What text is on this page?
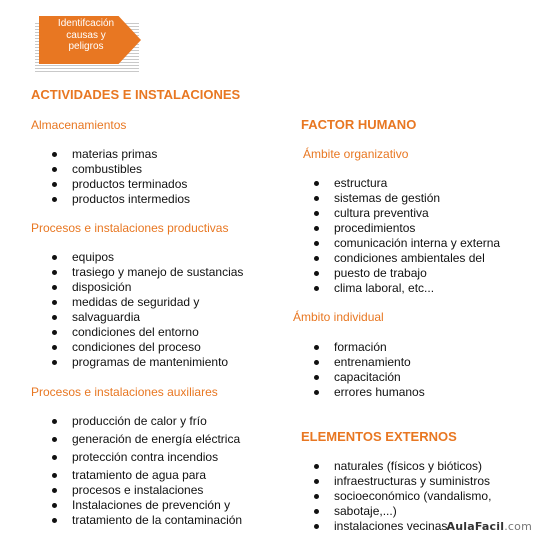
Identifcación
causas y
peligros
ACTIVIDADES E INSTALACIONES
Almacenamientos
materias primas
combustibles
productos terminados
productos intermedios
Procesos e instalaciones productivas
equipos
trasiego y manejo de sustancias
disposición
medidas de seguridad y
salvaguardia
condiciones del entorno
condiciones del proceso
programas de mantenimiento
Procesos e instalaciones auxiliares
producción de calor y frío
generación de energía eléctrica
protección contra incendios
tratamiento de agua para
procesos e instalaciones
Instalaciones de prevención y
tratamiento de la contaminación
FACTOR HUMANO
Ámbite organizativo
estructura
sistemas de gestión
cultura preventiva
procedimientos
comunicación interna y externa
condiciones ambientales del
puesto de trabajo
clima laboral, etc...
Ámbito individual
formación
entrenamiento
capacitación
errores humanos
ELEMENTOS EXTERNOS
naturales (físicos y bióticos)
infraestructuras y suministros
socioeconómico (vandalismo,
sabotaje,...)
instalaciones vecinas AulaFacil.com
